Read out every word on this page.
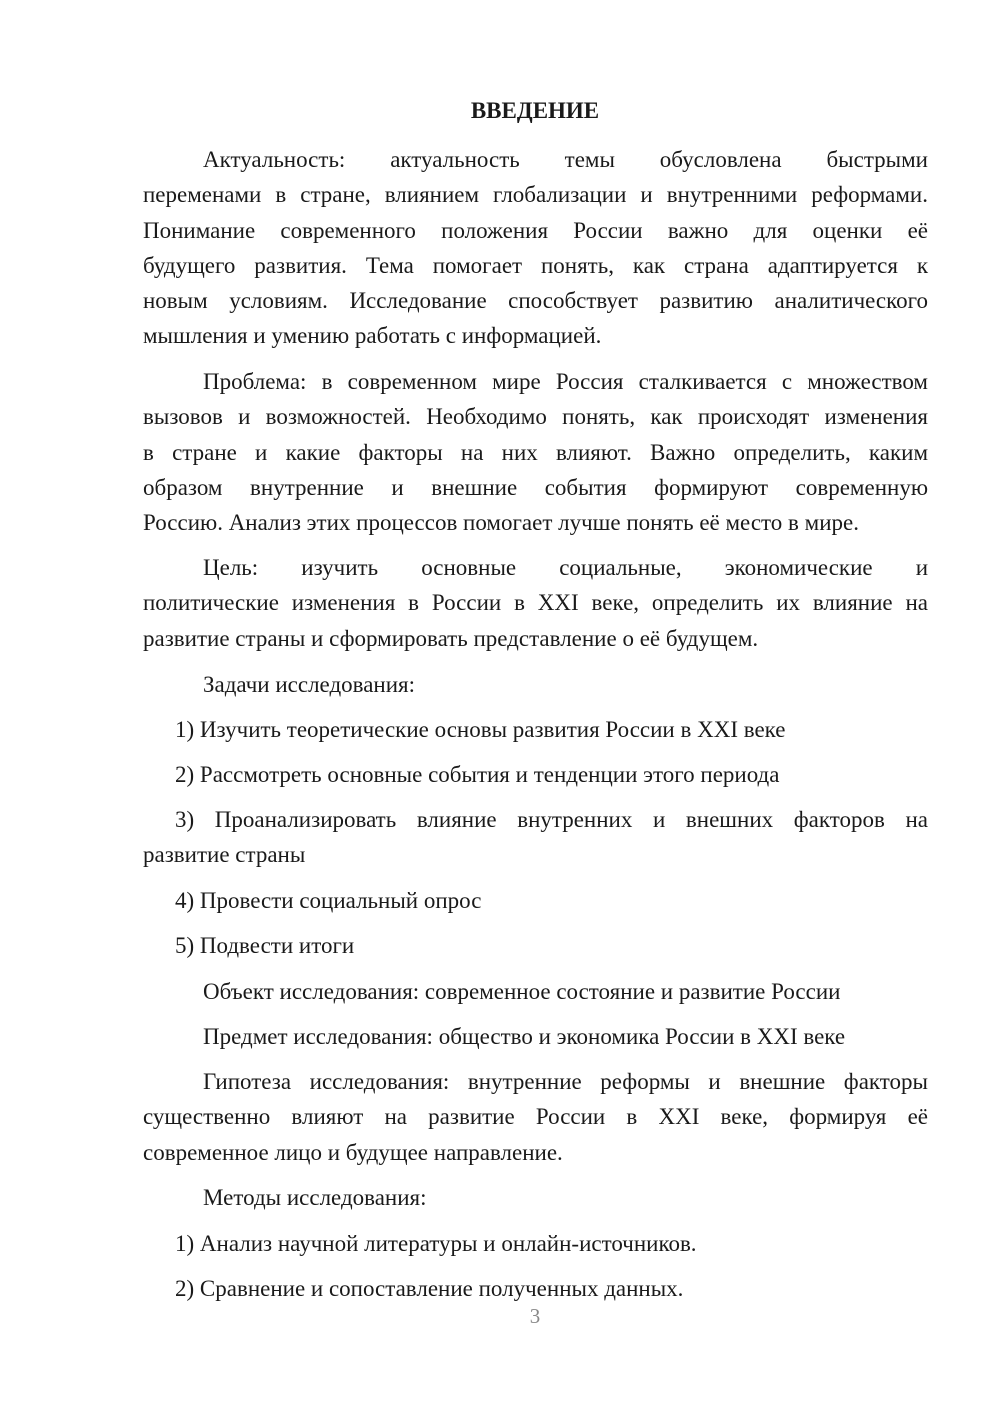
ВВЕДЕНИЕ
Актуальность: актуальность темы обусловлена быстрыми
переменами в стране, влиянием глобализации и внутренними реформами.
Понимание современного положения России важно для оценки её
будущего развития. Тема помогает понять, как страна адаптируется к
новым условиям. Исследование способствует развитию аналитического
мышления и умению работать с информацией.
Проблема: в современном мире Россия сталкивается с множеством
вызовов и возможностей. Необходимо понять, как происходят изменения
в стране и какие факторы на них влияют. Важно определить, каким
образом внутренние и внешние события формируют современную
Россию. Анализ этих процессов помогает лучше понять её место в мире.
Цель: изучить основные социальные, экономические и
политические изменения в России в XXI веке, определить их влияние на
развитие страны и сформировать представление о её будущем.
Задачи исследования:
1) Изучить теоретические основы развития России в XXI веке
2) Рассмотреть основные события и тенденции этого периода
3) Проанализировать влияние внутренних и внешних факторов на
развитие страны
4) Провести социальный опрос
5) Подвести итоги
Объект исследования: современное состояние и развитие России
Предмет исследования: общество и экономика России в XXI веке
Гипотеза исследования: внутренние реформы и внешние факторы
существенно влияют на развитие России в XXI веке, формируя её
современное лицо и будущее направление.
Методы исследования:
1) Анализ научной литературы и онлайн-источников.
2) Сравнение и сопоставление полученных данных.
3
